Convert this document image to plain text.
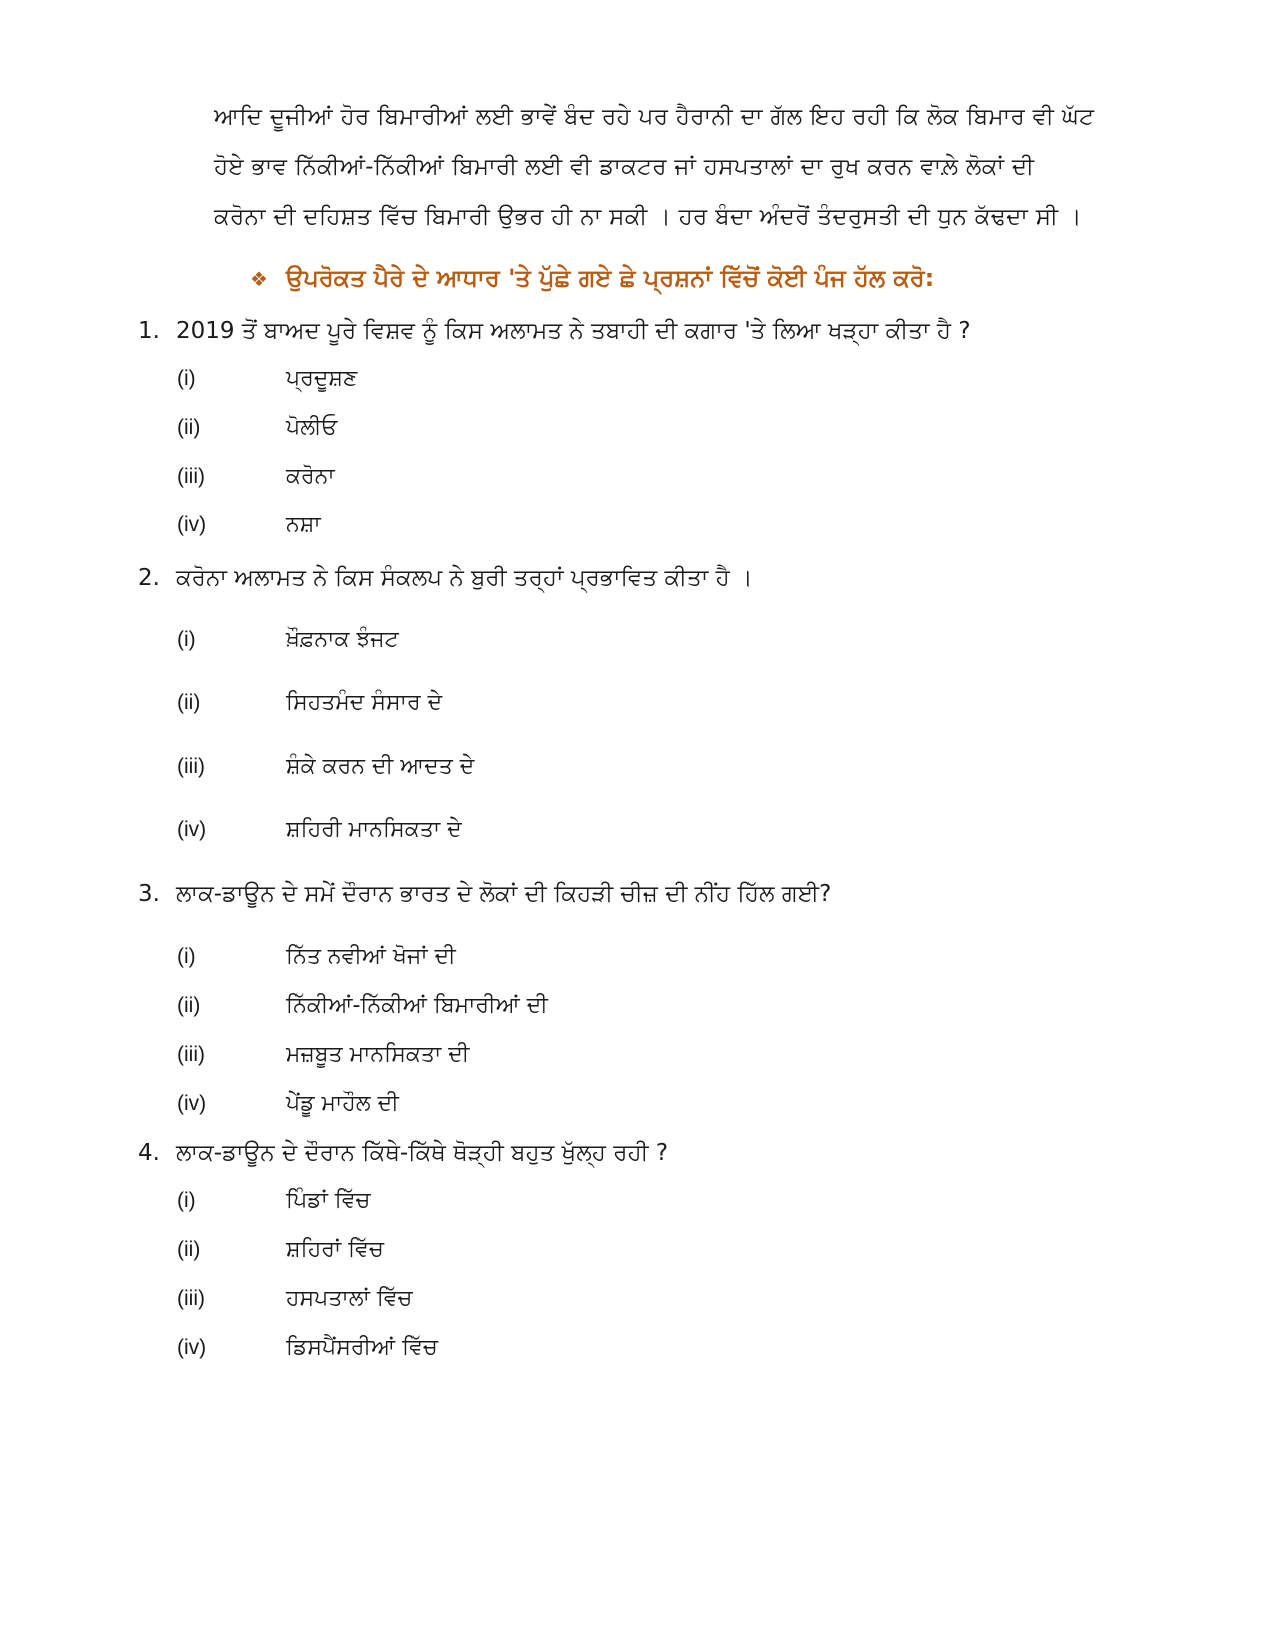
ਆਦਿ ਦੂਜੀਆਂ ਹੋਰ ਬਿਮਾਰੀਆਂ ਲਈ ਭਾਵੇਂ ਬੰਦ ਰਹੇ ਪਰ ਹੈਰਾਨੀ ਦਾ ਗੱਲ ਇਹ ਰਹੀ ਕਿ ਲੋਕ ਬਿਮਾਰ ਵੀ ਘੱਟ
ਹੋਏ ਭਾਵ ਨਿੱਕੀਆਂ-ਨਿੱਕੀਆਂ ਬਿਮਾਰੀ ਲਈ ਵੀ ਡਾਕਟਰ ਜਾਂ ਹਸਪਤਾਲਾਂ ਦਾ ਰੁਖ ਕਰਨ ਵਾਲ਼ੇ ਲੋਕਾਂ ਦੀ
ਕਰੋਨਾ ਦੀ ਦਹਿਸ਼ਤ ਵਿੱਚ ਬਿਮਾਰੀ ਉਭਰ ਹੀ ਨਾ ਸਕੀ । ਹਰ ਬੰਦਾ ਅੰਦਰੋਂ ਤੰਦਰੁਸਤੀ ਦੀ ਧੁਨ ਕੱਢਦਾ ਸੀ ।
❖ ਉਪਰੋਕਤ ਪੈਰੇ ਦੇ ਆਧਾਰ 'ਤੇ ਪੁੱਛੇ ਗਏ ਛੇ ਪ੍ਰਸ਼ਨਾਂ ਵਿੱਚੋਂ ਕੋਈ ਪੰਜ ਹੱਲ ਕਰੋ:
1. 2019 ਤੋਂ ਬਾਅਦ ਪੂਰੇ ਵਿਸ਼ਵ ਨੂੰ ਕਿਸ ਅਲਾਮਤ ਨੇ ਤਬਾਹੀ ਦੀ ਕਗਾਰ 'ਤੇ ਲਿਆ ਖੜ੍ਹਾ ਕੀਤਾ ਹੈ ?
(i)	ਪ੍ਰਦੂਸ਼ਣ
(ii)	ਪੋਲੀਓ
(iii)	ਕਰੋਨਾ
(iv)	ਨਸ਼ਾ
2. ਕਰੋਨਾ ਅਲਾਮਤ ਨੇ ਕਿਸ ਸੰਕਲਪ ਨੇ ਬੁਰੀ ਤਰ੍ਹਾਂ ਪ੍ਰਭਾਵਿਤ ਕੀਤਾ ਹੈ ।
(i)	ਖ਼ੌਫ਼ਨਾਕ ਝੰਜਟ
(ii)	ਸਿਹਤਮੰਦ ਸੰਸਾਰ ਦੇ
(iii)	ਸ਼ੰਕੇ ਕਰਨ ਦੀ ਆਦਤ ਦੇ
(iv)	ਸ਼ਹਿਰੀ ਮਾਨਸਿਕਤਾ ਦੇ
3. ਲਾਕ-ਡਾਊਨ ਦੇ ਸਮੇਂ ਦੌਰਾਨ ਭਾਰਤ ਦੇ ਲੋਕਾਂ ਦੀ ਕਿਹੜੀ ਚੀਜ਼ ਦੀ ਨੀਂਹ ਹਿੱਲ ਗਈ?
(i)	ਨਿੱਤ ਨਵੀਆਂ ਖੋਜਾਂ ਦੀ
(ii)	ਨਿੱਕੀਆਂ-ਨਿੱਕੀਆਂ ਬਿਮਾਰੀਆਂ ਦੀ
(iii)	ਮਜ਼ਬੂਤ ਮਾਨਸਿਕਤਾ ਦੀ
(iv)	ਪੇਂਡੂ ਮਾਹੌਲ ਦੀ
4. ਲਾਕ-ਡਾਊਨ ਦੇ ਦੌਰਾਨ ਕਿੱਥੇ-ਕਿੱਥੇ ਥੋੜ੍ਹੀ ਬਹੁਤ ਖੁੱਲ੍ਹ ਰਹੀ ?
(i)	ਪਿੰਡਾਂ ਵਿੱਚ
(ii)	ਸ਼ਹਿਰਾਂ ਵਿੱਚ
(iii)	ਹਸਪਤਾਲਾਂ ਵਿੱਚ
(iv)	ਡਿਸਪੈਂਸਰੀਆਂ ਵਿੱਚ
